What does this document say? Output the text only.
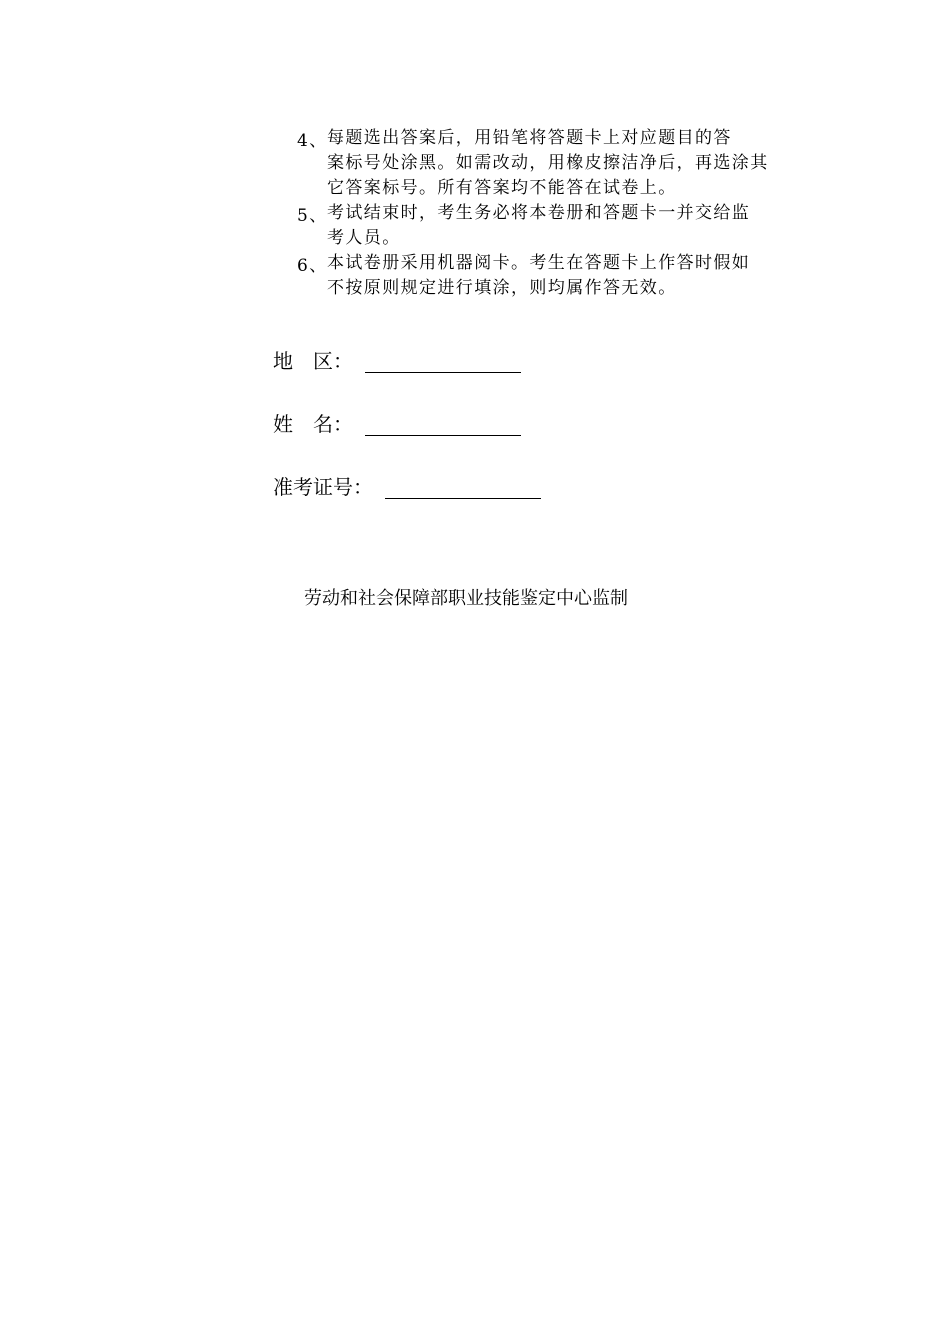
4、 每题选出答案后，用铅笔将答题卡上对应题目的答
案标号处涂黑。如需改动，用橡皮擦洁净后，再选涂其
它答案标号。所有答案均不能答在试卷上。
5、 考试结束时，考生务必将本卷册和答题卡一并交给监
考人员。
6、 本试卷册采用机器阅卡。考生在答题卡上作答时假如
不按原则规定进行填涂，则均属作答无效。
地　区：
姓　名：
准考证号：
劳动和社会保障部职业技能鉴定中心监制
